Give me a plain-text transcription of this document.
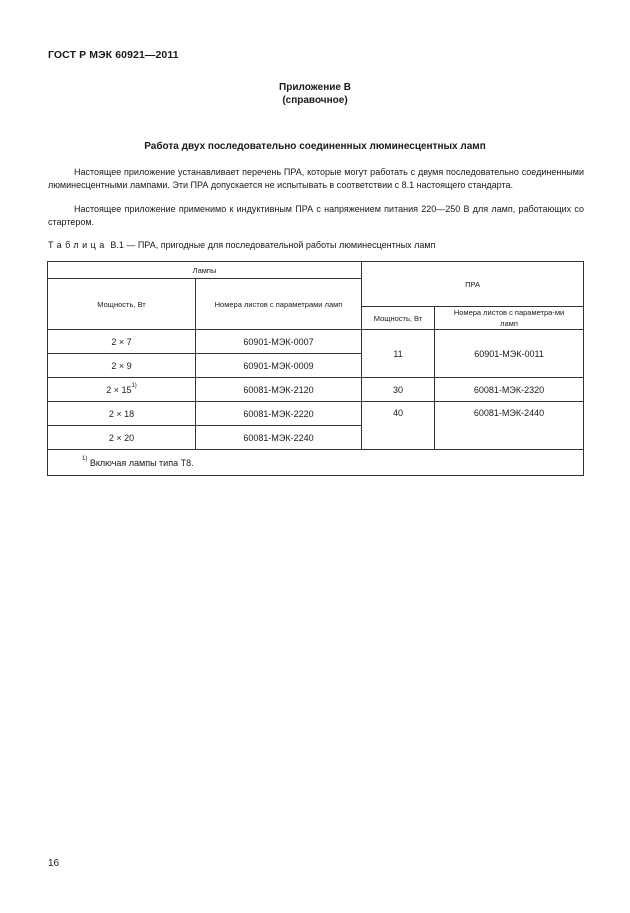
ГОСТ Р МЭК 60921—2011
Приложение В
(справочное)
Работа двух последовательно соединенных люминесцентных ламп
Настоящее приложение устанавливает перечень ПРА, которые могут работать с двумя последовательно соединенными люминесцентными лампами. Эти ПРА допускается не испытывать в соответствии с 8.1 настоящего стандарта.
Настоящее приложение применимо к индуктивным ПРА с напряжением питания 220—250 В для ламп, работающих со стартером.
Таблица В.1 — ПРА, пригодные для последовательной работы люминесцентных ламп
Лампы		ПРА	
Мощность, Вт	Номера листов с параметрами ламп		
		Мощность, Вт	Номера листов с параметра-ми ламп
2 × 7	60901-МЭК-0007	11	60901-МЭК-0011
2 × 9	60901-МЭК-0009		
$2 \times 15^{1)}$	60081-МЭК-2120	30	60081-МЭК-2320
2 × 18	60081-МЭК-2220	40	60081-МЭК-2440
2 × 20	60081-МЭК-2240		
$^{1)}$ Включая лампы типа Т8.			
16
